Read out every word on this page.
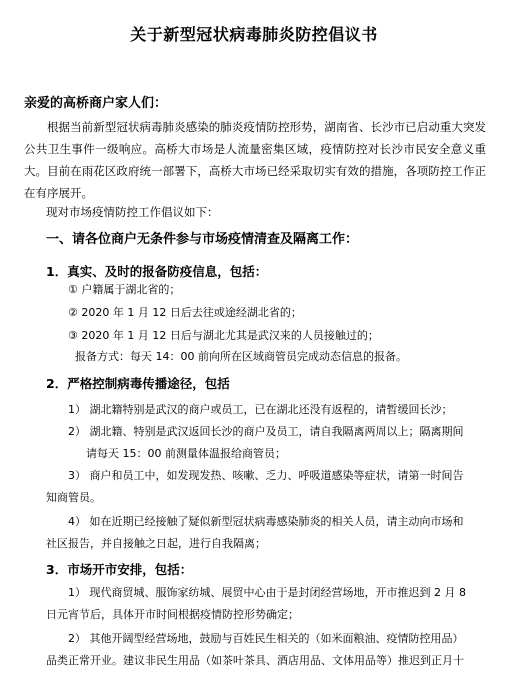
关于新型冠状病毒肺炎防控倡议书
亲爱的高桥商户家人们：

根据当前新型冠状病毒肺炎感染的肺炎疫情防控形势，湖南省、长沙市已启动重大突发公共卫生事件一级响应。高桥大市场是人流量密集区域，疫情防控对长沙市民安全意义重大。目前在雨花区政府统一部署下，高桥大市场已经采取切实有效的措施，各项防控工作正在有序展开。

现对市场疫情防控工作倡议如下：
一、请各位商户无条件参与市场疫情清查及隔离工作：
1．真实、及时的报备防疫信息，包括：
① 户籍属于湖北省的；
② 2020 年 1 月 12 日后去往或途经湖北省的；
③ 2020 年 1 月 12 日后与湖北尤其是武汉来的人员接触过的；
报备方式：每天 14：00 前向所在区域商管员完成动态信息的报备。
2．严格控制病毒传播途径，包括
1） 湖北籍特别是武汉的商户或员工，已在湖北还没有返程的，请暂缓回长沙；
2） 湖北籍、特别是武汉返回长沙的商户及员工，请自我隔离两周以上；隔离期间
请每天 15：00 前测量体温报给商管员；
3） 商户和员工中，如发现发热、咳嗽、乏力、呼吸道感染等症状，请第一时间告
知商管员。
4） 如在近期已经接触了疑似新型冠状病毒感染肺炎的相关人员，请主动向市场和
社区报告，并自接触之日起，进行自我隔离；
3．市场开市安排，包括：
1） 现代商贸城、服饰家纺城、展贸中心由于是封闭经营场地，开市推迟到 2 月 8
日元宵节后，具体开市时间根据疫情防控形势确定；
2） 其他开阔型经营场地，鼓励与百姓民生相关的（如米面粮油、疫情防控用品）
品类正常开业。建议非民生用品（如茶叶茶具、酒店用品、文体用品等）推迟到正月十
